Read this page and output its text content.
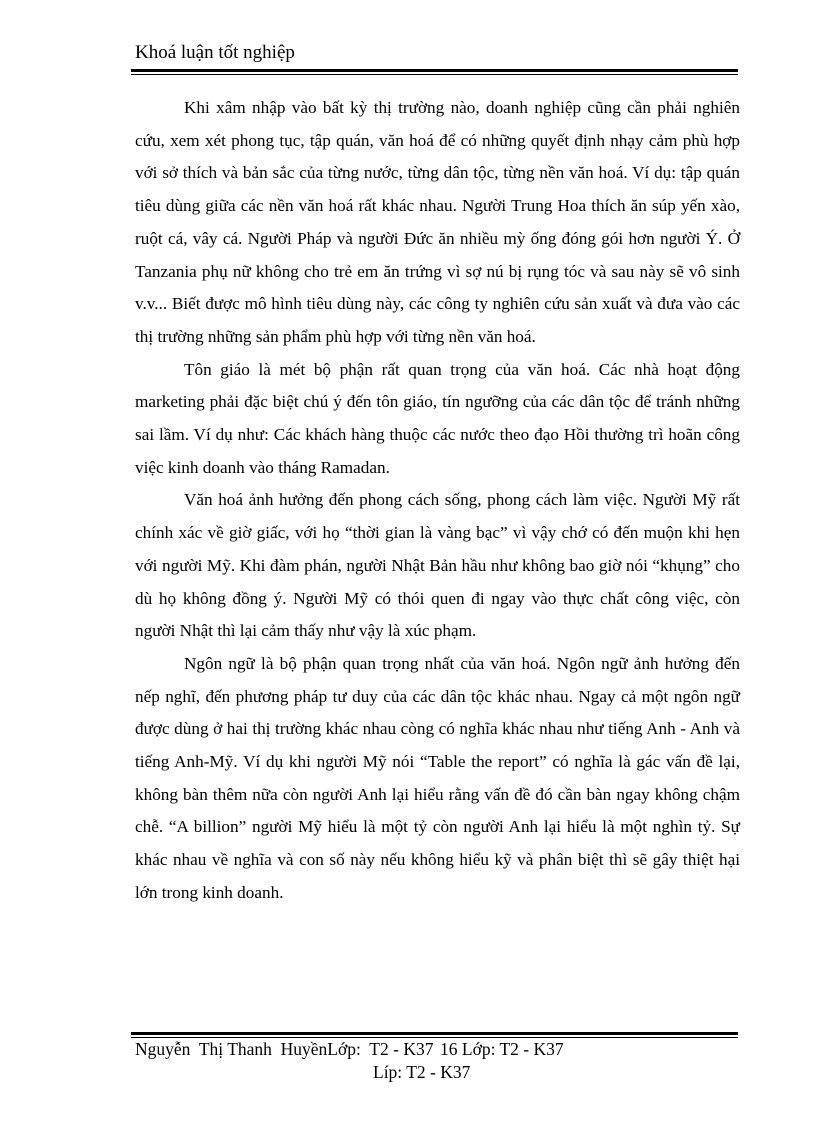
Khoá luận tốt nghiệp

Khi xâm nhập vào bất kỳ thị trường nào, doanh nghiệp cũng cần phải nghiên cứu, xem xét phong tục, tập quán, văn hoá để có những quyết định nhạy cảm phù hợp với sở thích và bản sắc của từng nước, từng dân tộc, từng nền văn hoá. Ví dụ: tập quán tiêu dùng giữa các nền văn hoá rất khác nhau. Người Trung Hoa thích ăn súp yến xào, ruột cá, vây cá. Người Pháp và người Đức ăn nhiều mỳ ống đóng gói hơn người Ý. Ở Tanzania phụ nữ không cho trẻ em ăn trứng vì sợ nú bị rụng tóc và sau này sẽ vô sinh v.v... Biết được mô hình tiêu dùng này, các công ty nghiên cứu sản xuất và đưa vào các thị trường những sản phẩm phù hợp với từng nền văn hoá.

Tôn giáo là mét bộ phận rất quan trọng của văn hoá. Các nhà hoạt động marketing phải đặc biệt chú ý đến tôn giáo, tín ngưỡng của các dân tộc để tránh những sai lầm. Ví dụ như: Các khách hàng thuộc các nước theo đạo Hồi thường trì hoãn công việc kinh doanh vào tháng Ramadan.

Văn hoá ảnh hưởng đến phong cách sống, phong cách làm việc. Người Mỹ rất chính xác về giờ giấc, với họ “thời gian là vàng bạc” vì vậy chớ có đến muộn khi hẹn với người Mỹ. Khi đàm phán, người Nhật Bản hầu như không bao giờ nói “khụng” cho dù họ không đồng ý. Người Mỹ có thói quen đi ngay vào thực chất công việc, còn người Nhật thì lại cảm thấy như vậy là xúc phạm.

Ngôn ngữ là bộ phận quan trọng nhất của văn hoá. Ngôn ngữ ảnh hưởng đến nếp nghĩ, đến phương pháp tư duy của các dân tộc khác nhau. Ngay cả một ngôn ngữ được dùng ở hai thị trường khác nhau còng có nghĩa khác nhau như tiếng Anh - Anh và tiếng Anh-Mỹ. Ví dụ khi người Mỹ nói “Table the report” có nghĩa là gác vấn đề lại, không bàn thêm nữa còn người Anh lại hiểu rằng vấn đề đó cần bàn ngay không chậm chễ. “A billion” người Mỹ hiểu là một tỷ còn người Anh lại hiểu là một nghìn tỷ. Sự khác nhau về nghĩa và con số này nếu không hiểu kỹ và phân biệt thì sẽ gây thiệt hại lớn trong kinh doanh.

Nguyễn  Thị Thanh  HuyềnLớp:  T2 - K37 16 Lớp: T2 - K37
Líp: T2 - K37
